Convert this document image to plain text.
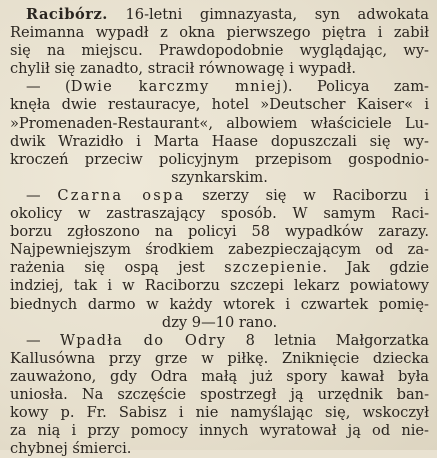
Racibórz. 16-letni gimnazyasta, syn adwokata
Reimanna wypadł z okna pierwszego piętra i zabił
się na miejscu. Prawdopodobnie wyglądając, wy-
chylił się zanadto, stracił równowagę i wypadł.
— (Dwie karczmy mniej). Policya zam-
knęła dwie restauracye, hotel »Deutscher Kaiser« i
»Promenaden-Restaurant«, albowiem właściciele Lu-
dwik Wrazidło i Marta Haase dopuszczali się wy-
kroczeń przeciw policyjnym przepisom gospodnio-
szynkarskim.
— Czarna ospa szerzy się w Raciborzu i
okolicy w zastraszający sposób. W samym Raci-
borzu zgłoszono na policyi 58 wypadków zarazy.
Najpewniejszym środkiem zabezpieczającym od za-
rażenia się ospą jest szczepienie. Jak gdzie
indziej, tak i w Raciborzu szczepi lekarz powiatowy
biednych darmo w każdy wtorek i czwartek pomię-
dzy 9—10 rano.
— Wpadła do Odry 8 letnia Małgorzatka
Kallusówna przy grze w piłkę. Zniknięcie dziecka
zauważono, gdy Odra małą już spory kawał była
uniosła. Na szczęście spostrzegł ją urzędnik ban-
kowy p. Fr. Sabisz i nie namyślając się, wskoczył
za nią i przy pomocy innych wyratował ją od nie-
chybnej śmierci.
